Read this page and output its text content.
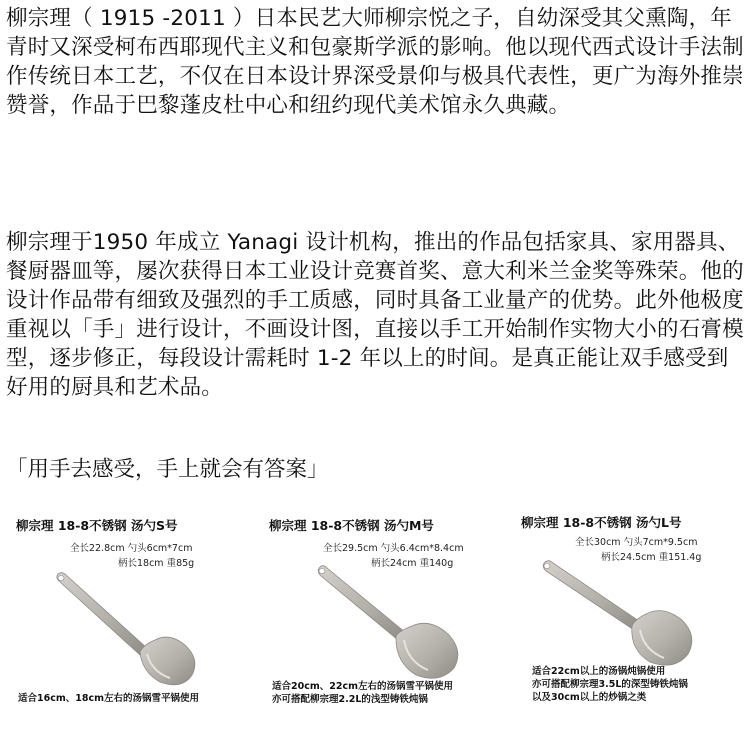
柳宗理（ 1915 -2011 ）日本民艺大师柳宗悦之子，自幼深受其父熏陶，年青时又深受柯布西耶现代主义和包豪斯学派的影响。他以现代西式设计手法制作传统日本工艺，不仅在日本设计界深受景仰与极具代表性，更广为海外推崇赞誉，作品于巴黎蓬皮杜中心和纽约现代美术馆永久典藏。
柳宗理于1950 年成立 Yanagi 设计机构，推出的作品包括家具、家用器具、餐厨器皿等，屡次获得日本工业设计竞赛首奖、意大利米兰金奖等殊荣。他的设计作品带有细致及强烈的手工质感，同时具备工业量产的优势。此外他极度重视以「手」进行设计，不画设计图，直接以手工开始制作实物大小的石膏模型，逐步修正，每段设计需耗时 1-2 年以上的时间。是真正能让双手感受到好用的厨具和艺术品。
「用手去感受，手上就会有答案」
柳宗理 18-8不锈钢 汤勺S号
全长22.8cm 勺头6cm*7cm
柄长18cm 重85g
适合16cm、18cm左右的汤锅雪平锅使用
柳宗理 18-8不锈钢 汤勺M号
全长29.5cm 勺头6.4cm*8.4cm
柄长24cm 重140g
适合20cm、22cm左右的汤锅雪平锅使用
亦可搭配柳宗理2.2L的浅型铸铁炖锅
柳宗理 18-8不锈钢 汤勺L号
全长30cm 勺头7cm*9.5cm
柄长24.5cm 重151.4g
适合22cm以上的汤锅炖锅使用
亦可搭配柳宗理3.5L的深型铸铁炖锅
以及30cm以上的炒锅之类
